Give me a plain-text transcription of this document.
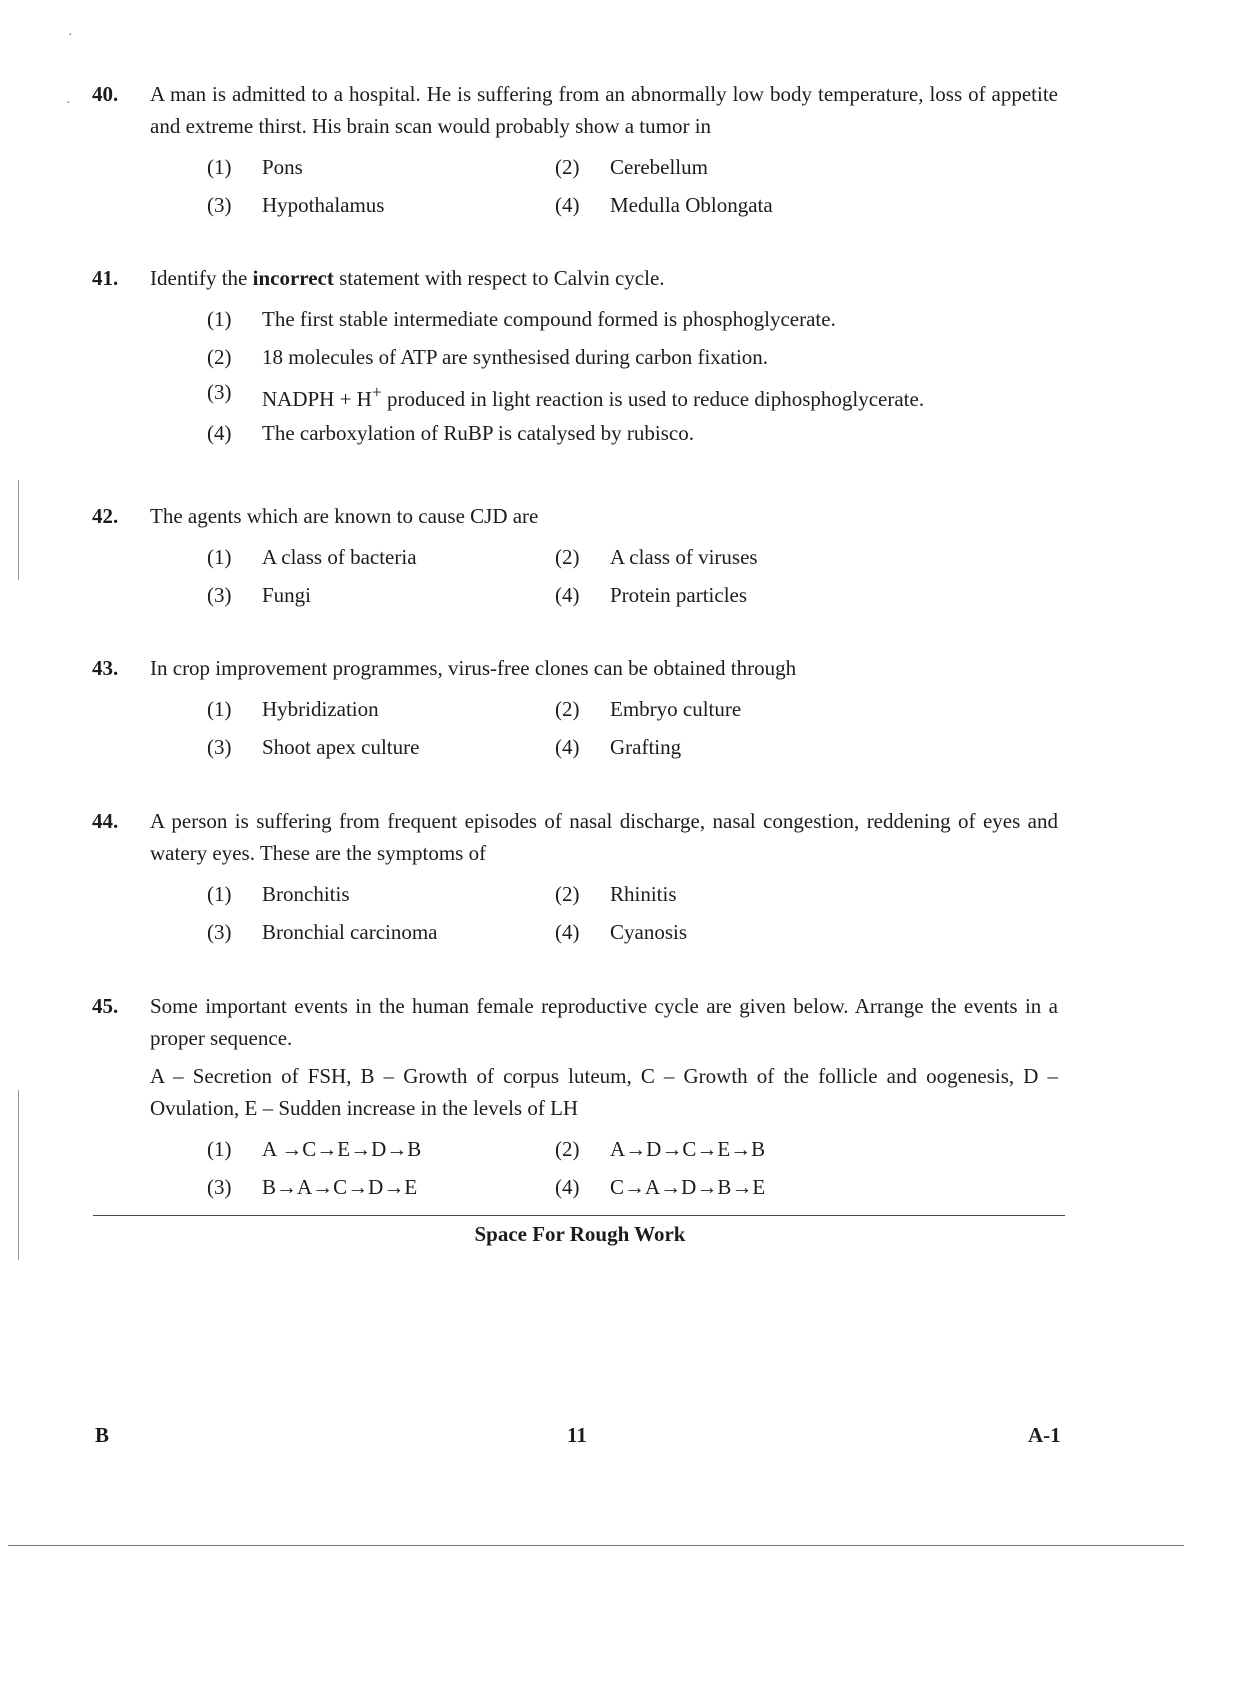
40.	A man is admitted to a hospital. He is suffering from an abnormally low body temperature, loss of appetite and extreme thirst. His brain scan would probably show a tumor in
(1)	Pons	(2)	Cerebellum
(3)	Hypothalamus	(4)	Medulla Oblongata
41.	Identify the incorrect statement with respect to Calvin cycle.
(1)	The first stable intermediate compound formed is phosphoglycerate.
(2)	18 molecules of ATP are synthesised during carbon fixation.
(3)	NADPH + H+ produced in light reaction is used to reduce diphosphoglycerate.
(4)	The carboxylation of RuBP is catalysed by rubisco.
42.	The agents which are known to cause CJD are
(1)	A class of bacteria	(2)	A class of viruses
(3)	Fungi	(4)	Protein particles
43.	In crop improvement programmes, virus-free clones can be obtained through
(1)	Hybridization	(2)	Embryo culture
(3)	Shoot apex culture	(4)	Grafting
44.	A person is suffering from frequent episodes of nasal discharge, nasal congestion, reddening of eyes and watery eyes. These are the symptoms of
(1)	Bronchitis	(2)	Rhinitis
(3)	Bronchial carcinoma	(4)	Cyanosis
45.	Some important events in the human female reproductive cycle are given below. Arrange the events in a proper sequence.
A – Secretion of FSH, B – Growth of corpus luteum, C – Growth of the follicle and oogenesis, D – Ovulation, E – Sudden increase in the levels of LH
(1)	A →C→E→D→B	(2)	A→D→C→E→B
(3)	B→A→C→D→E	(4)	C→A→D→B→E
Space For Rough Work
B	11	A-1
·
·
